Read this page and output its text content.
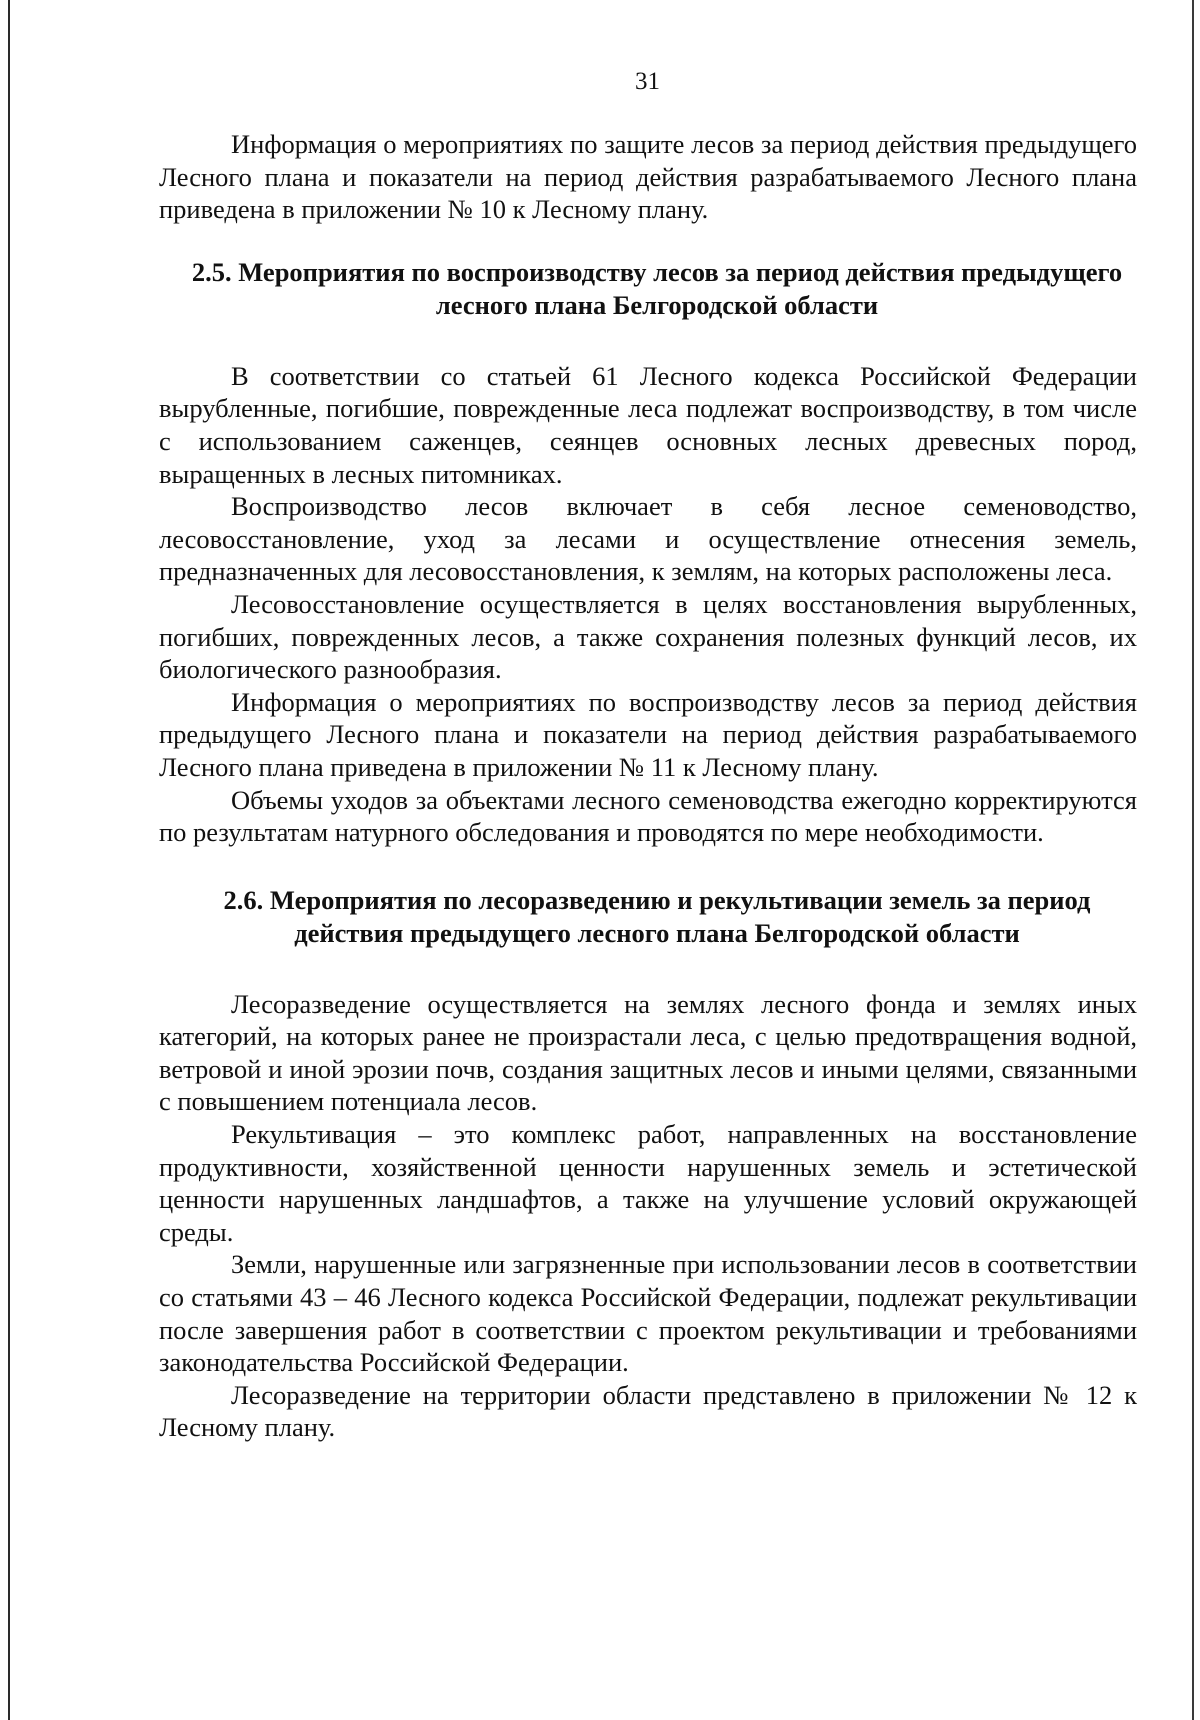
31

Информация о мероприятиях по защите лесов за период действия предыдущего Лесного плана и показатели на период действия разрабатываемого Лесного плана приведена в приложении № 10 к Лесному плану.

2.5. Мероприятия по воспроизводству лесов за период действия предыдущего лесного плана Белгородской области

В соответствии со статьей 61 Лесного кодекса Российской Федерации вырубленные, погибшие, поврежденные леса подлежат воспроизводству, в том числе с использованием саженцев, сеянцев основных лесных древесных пород, выращенных в лесных питомниках.

Воспроизводство лесов включает в себя лесное семеноводство, лесовосстановление, уход за лесами и осуществление отнесения земель, предназначенных для лесовосстановления, к землям, на которых расположены леса.

Лесовосстановление осуществляется в целях восстановления вырубленных, погибших, поврежденных лесов, а также сохранения полезных функций лесов, их биологического разнообразия.

Информация о мероприятиях по воспроизводству лесов за период действия предыдущего Лесного плана и показатели на период действия разрабатываемого Лесного плана приведена в приложении № 11 к Лесному плану.

Объемы уходов за объектами лесного семеноводства ежегодно корректируются по результатам натурного обследования и проводятся по мере необходимости.

2.6. Мероприятия по лесоразведению и рекультивации земель за период действия предыдущего лесного плана Белгородской области

Лесоразведение осуществляется на землях лесного фонда и землях иных категорий, на которых ранее не произрастали леса, с целью предотвращения водной, ветровой и иной эрозии почв, создания защитных лесов и иными целями, связанными с повышением потенциала лесов.

Рекультивация – это комплекс работ, направленных на восстановление продуктивности, хозяйственной ценности нарушенных земель и эстетической ценности нарушенных ландшафтов, а также на улучшение условий окружающей среды.

Земли, нарушенные или загрязненные при использовании лесов в соответствии со статьями 43 – 46 Лесного кодекса Российской Федерации, подлежат рекультивации после завершения работ в соответствии с проектом рекультивации и требованиями законодательства Российской Федерации.

Лесоразведение на территории области представлено в приложении № 12 к Лесному плану.
